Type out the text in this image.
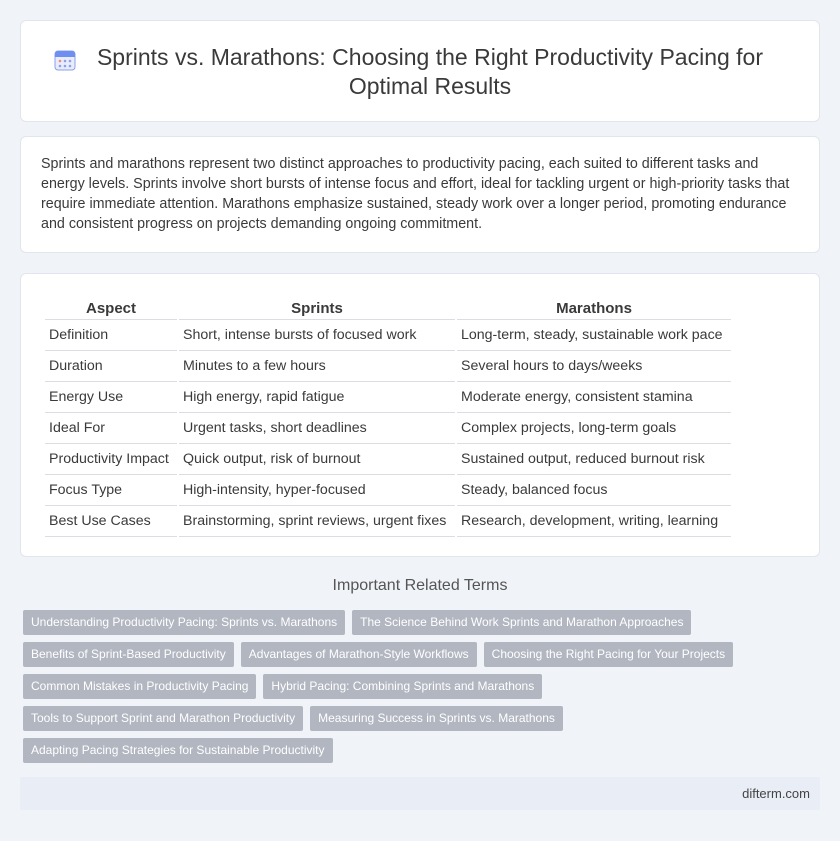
Sprints vs. Marathons: Choosing the Right Productivity Pacing for Optimal Results

Sprints and marathons represent two distinct approaches to productivity pacing, each suited to different tasks and energy levels. Sprints involve short bursts of intense focus and effort, ideal for tackling urgent or high-priority tasks that require immediate attention. Marathons emphasize sustained, steady work over a longer period, promoting endurance and consistent progress on projects demanding ongoing commitment.

Aspect	Sprints	Marathons
Definition	Short, intense bursts of focused work	Long-term, steady, sustainable work pace
Duration	Minutes to a few hours	Several hours to days/weeks
Energy Use	High energy, rapid fatigue	Moderate energy, consistent stamina
Ideal For	Urgent tasks, short deadlines	Complex projects, long-term goals
Productivity Impact	Quick output, risk of burnout	Sustained output, reduced burnout risk
Focus Type	High-intensity, hyper-focused	Steady, balanced focus
Best Use Cases	Brainstorming, sprint reviews, urgent fixes	Research, development, writing, learning
Important Related Terms
Understanding Productivity Pacing: Sprints vs. Marathons	The Science Behind Work Sprints and Marathon Approaches
Benefits of Sprint-Based Productivity	Advantages of Marathon-Style Workflows	Choosing the Right Pacing for Your Projects
Common Mistakes in Productivity Pacing	Hybrid Pacing: Combining Sprints and Marathons
Tools to Support Sprint and Marathon Productivity	Measuring Success in Sprints vs. Marathons
Adapting Pacing Strategies for Sustainable Productivity
difterm.com
